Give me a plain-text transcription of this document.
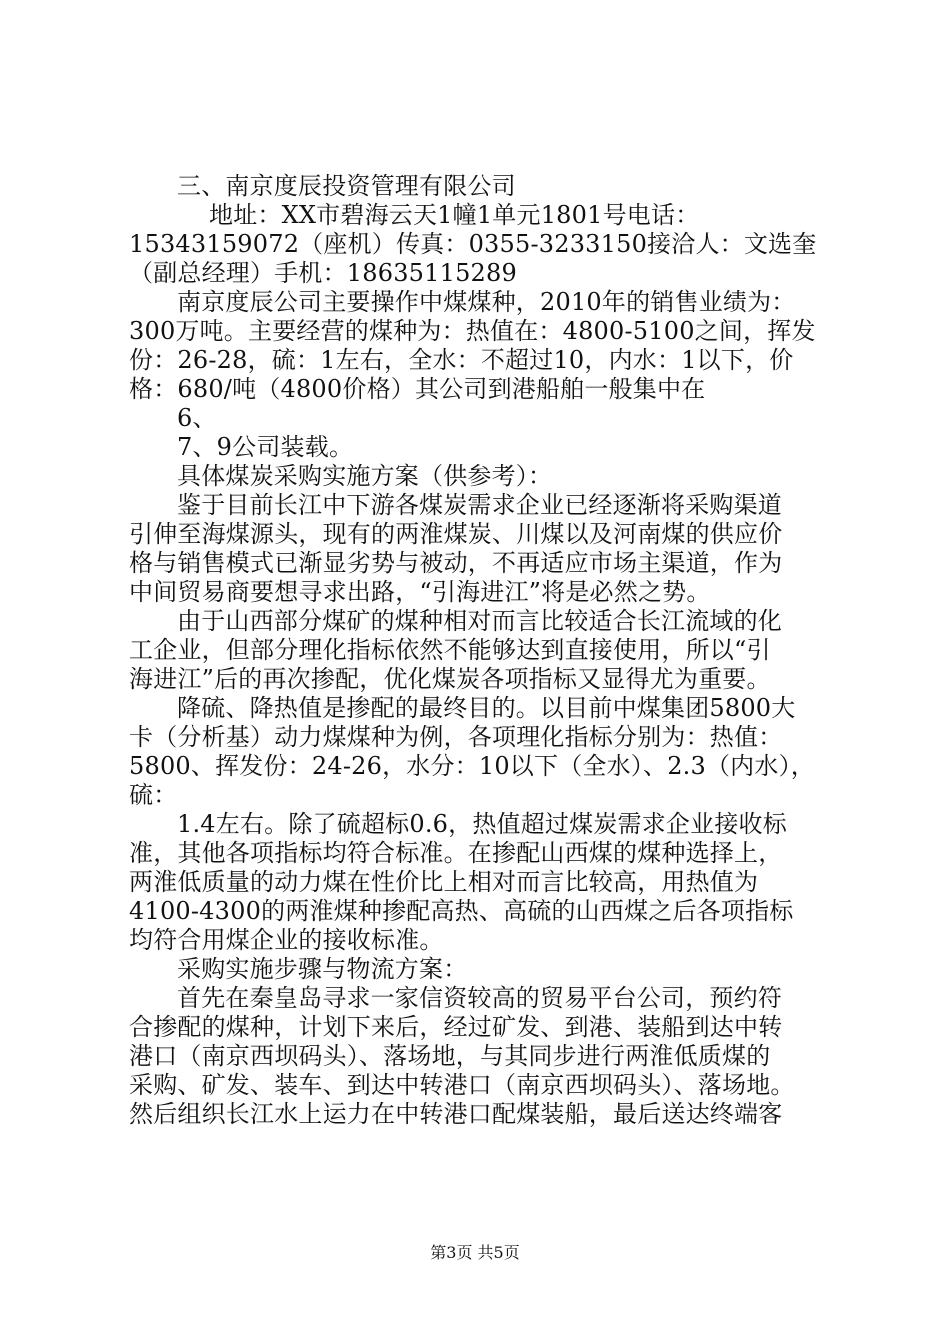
三、南京度辰投资管理有限公司
地址：XX市碧海云天1幢1单元1801号电话：
15343159072（座机）传真：0355-3233150接洽人：文选奎
（副总经理）手机：18635115289
南京度辰公司主要操作中煤煤种，2010年的销售业绩为：
300万吨。主要经营的煤种为：热值在：4800-5100之间，挥发
份：26-28，硫：1左右，全水：不超过10，内水：1以下，价
格：680/吨（4800价格）其公司到港船舶一般集中在
6、
7、9公司装载。
具体煤炭采购实施方案（供参考）：
鉴于目前长江中下游各煤炭需求企业已经逐渐将采购渠道
引伸至海煤源头，现有的两淮煤炭、川煤以及河南煤的供应价
格与销售模式已渐显劣势与被动，不再适应市场主渠道，作为
中间贸易商要想寻求出路，“引海进江”将是必然之势。
由于山西部分煤矿的煤种相对而言比较适合长江流域的化
工企业，但部分理化指标依然不能够达到直接使用，所以“引
海进江”后的再次掺配，优化煤炭各项指标又显得尤为重要。
降硫、降热值是掺配的最终目的。以目前中煤集团5800大
卡（分析基）动力煤煤种为例，各项理化指标分别为：热值：
5800、挥发份：24-26，水分：10以下（全水）、2.3（内水），
硫：
1.4左右。除了硫超标0.6，热值超过煤炭需求企业接收标
准，其他各项指标均符合标准。在掺配山西煤的煤种选择上，
两淮低质量的动力煤在性价比上相对而言比较高，用热值为
4100-4300的两淮煤种掺配高热、高硫的山西煤之后各项指标
均符合用煤企业的接收标准。
采购实施步骤与物流方案：
首先在秦皇岛寻求一家信资较高的贸易平台公司，预约符
合掺配的煤种，计划下来后，经过矿发、到港、装船到达中转
港口（南京西坝码头）、落场地，与其同步进行两淮低质煤的
采购、矿发、装车、到达中转港口（南京西坝码头）、落场地。
然后组织长江水上运力在中转港口配煤装船，最后送达终端客
第3页 共5页
